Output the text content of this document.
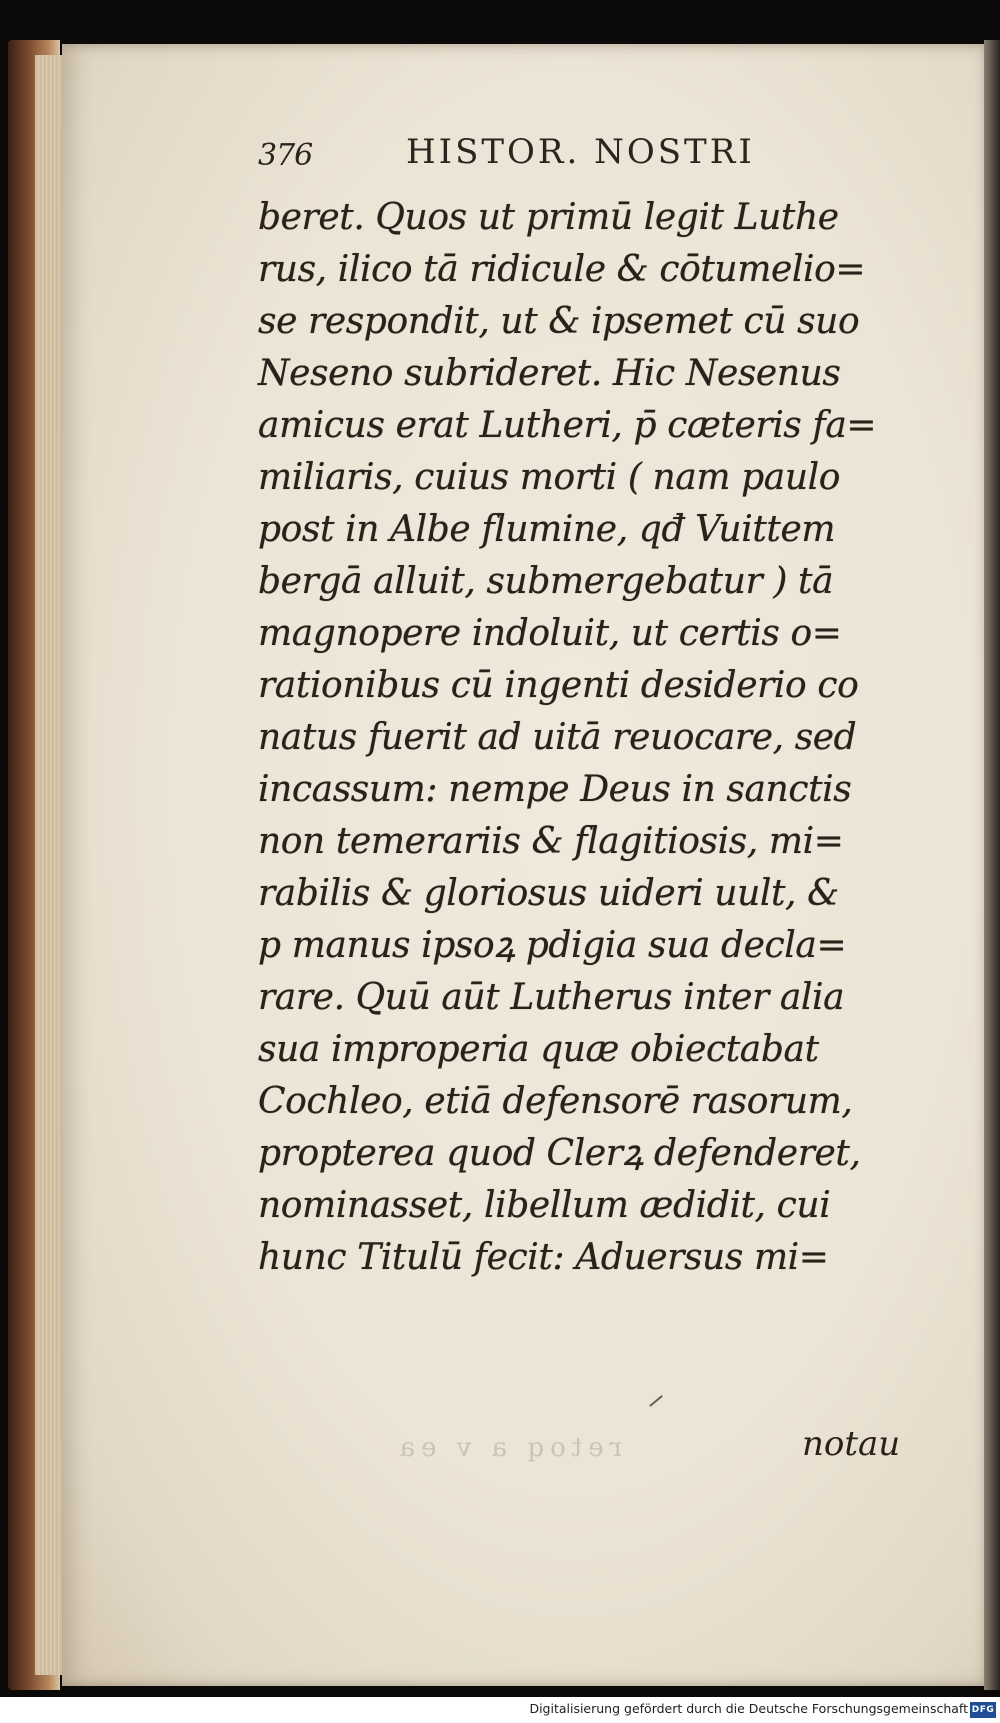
376	HISTOR. NOSTRI
beret. Quos ut primū legit Luthe
rus, ilico tā ridicule & cōtumelio=
se respondit, ut & ipsemet cū suo
Neseno subrideret. Hic Nesenus
amicus erat Lutheri, p̄ cæteris fa=
miliaris, cuius morti ( nam paulo
post in Albe flumine, qđ Vuittem
bergā alluit, submergebatur ) tā
magnopere indoluit, ut certis o=
rationibus cū ingenti desiderio co
natus fuerit ad uitā reuocare, sed
incassum: nempe Deus in sanctis
non temerariis & flagitiosis, mi=
rabilis & gloriosus uideri uult, &
p manus ipsoꝝ pdigia sua decla=
rare. Quū aūt Lutherus inter alia
sua improperia quæ obiectabat
Cochleo, etiā defensorē rasorum,
propterea quod Clerꝝ defenderet,
nominasset, libellum ædidit, cui
hunc Titulū fecit: Aduersus mi=
retoq a v ea	notau
Digitalisierung gefördert durch die Deutsche Forschungsgemeinschaft DFG
